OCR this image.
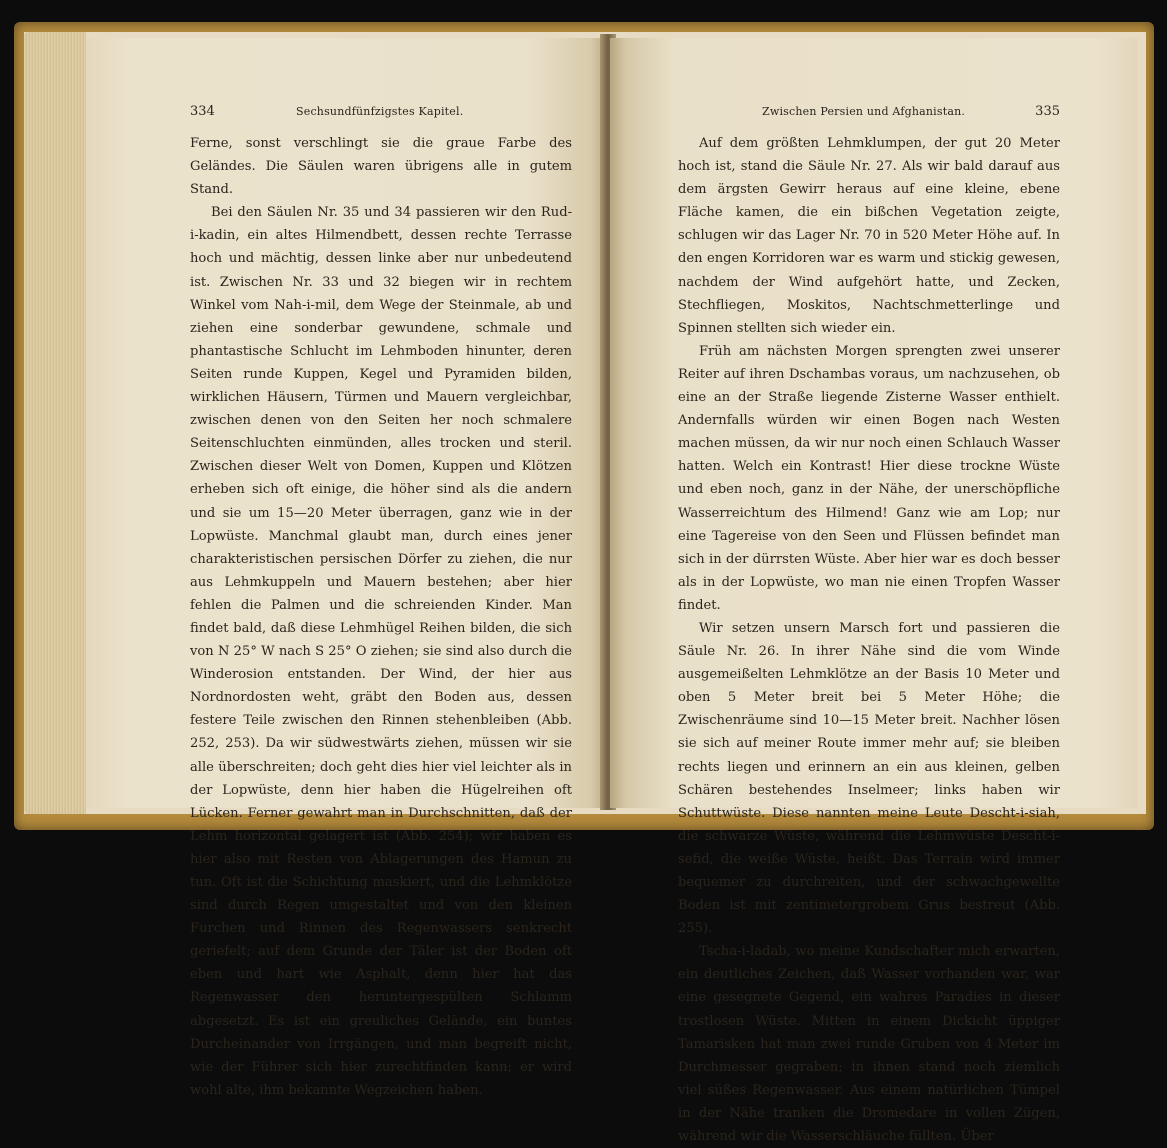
334	Sechsundfünfzigstes Kapitel.

Ferne, sonst verschlingt sie die graue Farbe des Geländes. Die Säulen waren übrigens alle in gutem Stand.

Bei den Säulen Nr. 35 und 34 passieren wir den Rud-i-kadin, ein altes Hilmendbett, dessen rechte Terrasse hoch und mächtig, dessen linke aber nur unbedeutend ist. Zwischen Nr. 33 und 32 biegen wir in rechtem Winkel vom Nah-i-mil, dem Wege der Steinmale, ab und ziehen eine sonderbar gewundene, schmale und phantastische Schlucht im Lehmboden hinunter, deren Seiten runde Kuppen, Kegel und Pyramiden bilden, wirklichen Häusern, Türmen und Mauern vergleichbar, zwischen denen von den Seiten her noch schmalere Seitenschluchten einmünden, alles trocken und steril. Zwischen dieser Welt von Domen, Kuppen und Klötzen erheben sich oft einige, die höher sind als die andern und sie um 15—20 Meter überragen, ganz wie in der Lopwüste. Manchmal glaubt man, durch eines jener charakteristischen persischen Dörfer zu ziehen, die nur aus Lehmkuppeln und Mauern bestehen; aber hier fehlen die Palmen und die schreienden Kinder. Man findet bald, daß diese Lehmhügel Reihen bilden, die sich von N 25° W nach S 25° O ziehen; sie sind also durch die Winderosion entstanden. Der Wind, der hier aus Nordnordosten weht, gräbt den Boden aus, dessen festere Teile zwischen den Rinnen stehenbleiben (Abb. 252, 253). Da wir südwestwärts ziehen, müssen wir sie alle überschreiten; doch geht dies hier viel leichter als in der Lopwüste, denn hier haben die Hügelreihen oft Lücken. Ferner gewahrt man in Durchschnitten, daß der Lehm horizontal gelagert ist (Abb. 254); wir haben es hier also mit Resten von Ablagerungen des Hamun zu tun. Oft ist die Schichtung maskiert, und die Lehmklötze sind durch Regen umgestaltet und von den kleinen Furchen und Rinnen des Regenwassers senkrecht geriefelt; auf dem Grunde der Täler ist der Boden oft eben und hart wie Asphalt, denn hier hat das Regenwasser den heruntergespülten Schlamm abgesetzt. Es ist ein greuliches Gelände, ein buntes Durcheinander von Irrgängen, und man begreift nicht, wie der Führer sich hier zurechtfinden kann; er wird wohl alte, ihm bekannte Wegzeichen haben.

Zwischen Persien und Afghanistan.	335

Auf dem größten Lehmklumpen, der gut 20 Meter hoch ist, stand die Säule Nr. 27. Als wir bald darauf aus dem ärgsten Gewirr heraus auf eine kleine, ebene Fläche kamen, die ein bißchen Vegetation zeigte, schlugen wir das Lager Nr. 70 in 520 Meter Höhe auf. In den engen Korridoren war es warm und stickig gewesen, nachdem der Wind aufgehört hatte, und Zecken, Stechfliegen, Moskitos, Nachtschmetterlinge und Spinnen stellten sich wieder ein.

Früh am nächsten Morgen sprengten zwei unserer Reiter auf ihren Dschambas voraus, um nachzusehen, ob eine an der Straße liegende Zisterne Wasser enthielt. Andernfalls würden wir einen Bogen nach Westen machen müssen, da wir nur noch einen Schlauch Wasser hatten. Welch ein Kontrast! Hier diese trockne Wüste und eben noch, ganz in der Nähe, der unerschöpfliche Wasserreichtum des Hilmend! Ganz wie am Lop; nur eine Tagereise von den Seen und Flüssen befindet man sich in der dürrsten Wüste. Aber hier war es doch besser als in der Lopwüste, wo man nie einen Tropfen Wasser findet.

Wir setzen unsern Marsch fort und passieren die Säule Nr. 26. In ihrer Nähe sind die vom Winde ausgemeißelten Lehmklötze an der Basis 10 Meter und oben 5 Meter breit bei 5 Meter Höhe; die Zwischenräume sind 10—15 Meter breit. Nachher lösen sie sich auf meiner Route immer mehr auf; sie bleiben rechts liegen und erinnern an ein aus kleinen, gelben Schären bestehendes Inselmeer; links haben wir Schuttwüste. Diese nannten meine Leute Descht-i-siah, die schwarze Wüste, während die Lehmwüste Descht-i-sefid, die weiße Wüste, heißt. Das Terrain wird immer bequemer zu durchreiten, und der schwachgewellte Boden ist mit zentimetergrobem Grus bestreut (Abb. 255).

Tscha-i-ladab, wo meine Kundschafter mich erwarten, ein deutliches Zeichen, daß Wasser vorhanden war, war eine gesegnete Gegend, ein wahres Paradies in dieser trostlosen Wüste. Mitten in einem Dickicht üppiger Tamarisken hat man zwei runde Gruben von 4 Meter im Durchmesser gegraben; in ihnen stand noch ziemlich viel süßes Regenwasser. Aus einem natürlichen Tümpel in der Nähe tranken die Dromedare in vollen Zügen, während wir die Wasserschläuche füllten. Über
